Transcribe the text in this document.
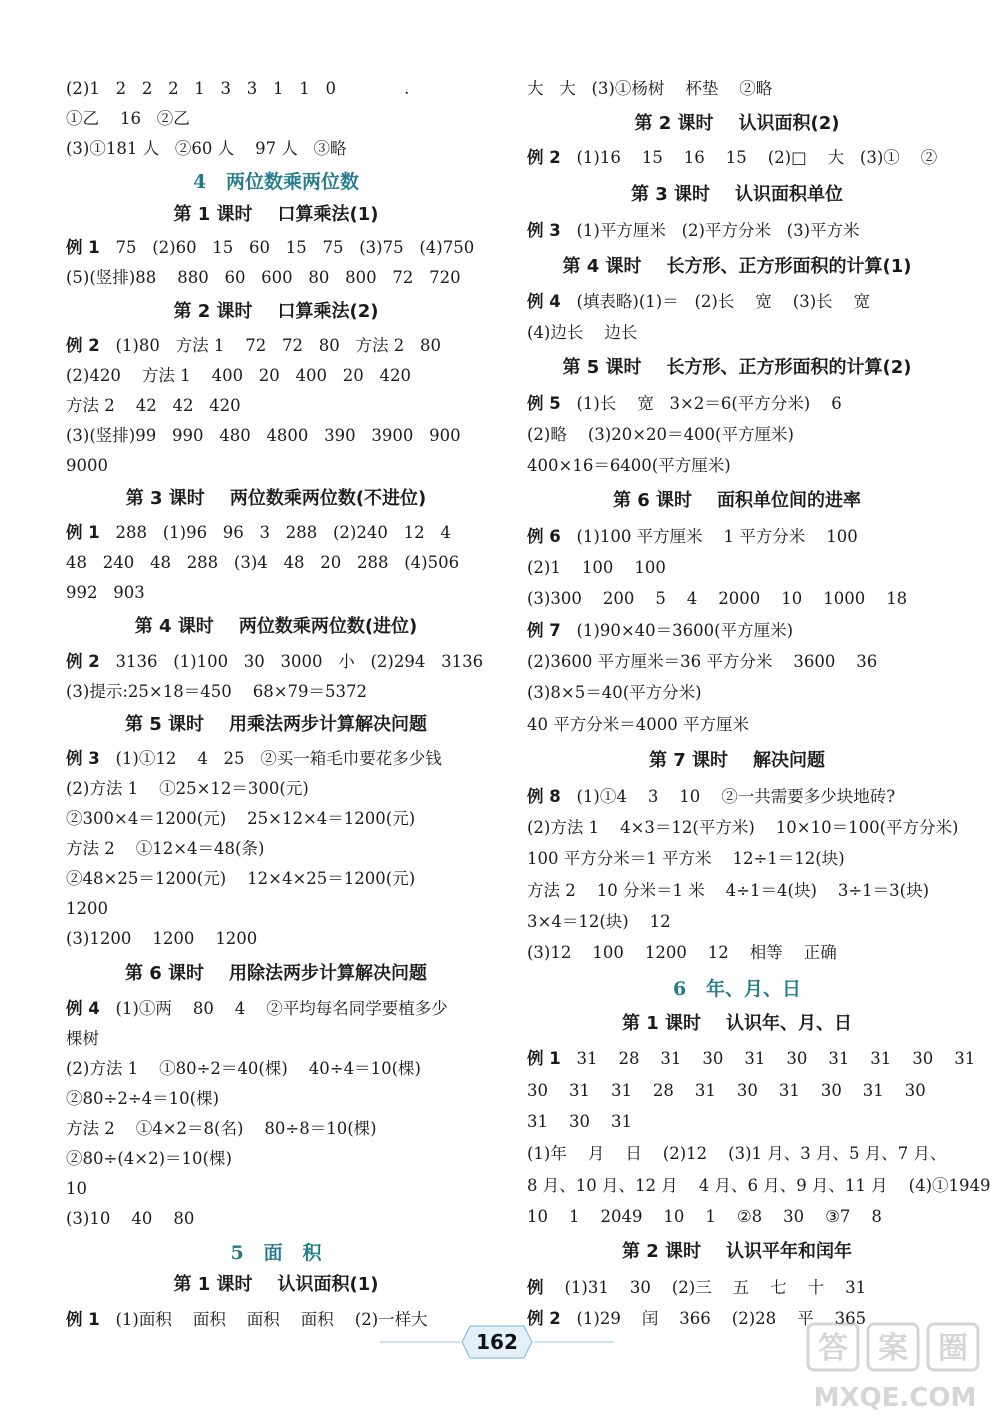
(2)1   2   2   2   1   3   3   1   1   0             .
①乙    16   ②乙
(3)①181 人   ②60 人    97 人   ③略
4   两位数乘两位数
第 1 课时    口算乘法(1)
例 1   75   (2)60   15   60   15   75   (3)75   (4)750
(5)(竖排)88    880   60   600   80   800   72   720
第 2 课时    口算乘法(2)
例 2   (1)80   方法 1    72   72   80   方法 2   80
(2)420    方法 1    400   20   400   20   420
方法 2    42   42   420
(3)(竖排)99   990   480   4800   390   3900   900
9000
第 3 课时    两位数乘两位数(不进位)
例 1   288   (1)96   96   3   288   (2)240   12   4
48   240   48   288   (3)4   48   20   288   (4)506
992   903
第 4 课时    两位数乘两位数(进位)
例 2   3136   (1)100   30   3000   小   (2)294   3136
(3)提示:25×18＝450    68×79＝5372
第 5 课时    用乘法两步计算解决问题
例 3   (1)①12    4   25   ②买一箱毛巾要花多少钱
(2)方法 1    ①25×12＝300(元)
②300×4＝1200(元)    25×12×4＝1200(元)
方法 2    ①12×4＝48(条)
②48×25＝1200(元)    12×4×25＝1200(元)
1200
(3)1200    1200    1200
第 6 课时    用除法两步计算解决问题
例 4   (1)①两    80    4    ②平均每名同学要植多少
棵树
(2)方法 1    ①80÷2＝40(棵)    40÷4＝10(棵)
②80÷2÷4＝10(棵)
方法 2    ①4×2＝8(名)    80÷8＝10(棵)
②80÷(4×2)＝10(棵)
10
(3)10    40    80
5   面   积
第 1 课时    认识面积(1)
例 1   (1)面积    面积    面积    面积    (2)一样大
大   大   (3)①杨树    杯垫    ②略
第 2 课时    认识面积(2)
例 2   (1)16    15    16    15    (2)□    大   (3)①    ②
第 3 课时    认识面积单位
例 3   (1)平方厘米   (2)平方分米   (3)平方米
第 4 课时    长方形、正方形面积的计算(1)
例 4   (填表略)(1)＝   (2)长    宽    (3)长    宽
(4)边长    边长
第 5 课时    长方形、正方形面积的计算(2)
例 5   (1)长    宽   3×2＝6(平方分米)    6
(2)略    (3)20×20＝400(平方厘米)
400×16＝6400(平方厘米)
第 6 课时    面积单位间的进率
例 6   (1)100 平方厘米    1 平方分米    100
(2)1    100    100
(3)300    200    5    4    2000    10    1000    18
例 7   (1)90×40＝3600(平方厘米)
(2)3600 平方厘米＝36 平方分米    3600    36
(3)8×5＝40(平方分米)
40 平方分米＝4000 平方厘米
第 7 课时    解决问题
例 8   (1)①4    3    10    ②一共需要多少块地砖?
(2)方法 1    4×3＝12(平方米)    10×10＝100(平方分米)
100 平方分米＝1 平方米    12÷1＝12(块)
方法 2    10 分米＝1 米    4÷1＝4(块)    3÷1＝3(块)
3×4＝12(块)    12
(3)12    100    1200    12    相等    正确
6   年、月、日
第 1 课时    认识年、月、日
例 1   31    28    31    30    31    30    31    31    30    31
30    31    31    28    31    30    31    30    31    30
31    30    31
(1)年    月    日    (2)12    (3)1 月、3 月、5 月、7 月、
8 月、10 月、12 月    4 月、6 月、9 月、11 月    (4)①1949
10    1    2049    10    1    ②8    30    ③7    8
第 2 课时    认识平年和闰年
例    (1)31    30    (2)三    五    七    十    31
例 2   (1)29    闰    366    (2)28    平    365
162	答 案 圈
MXQE.COM
